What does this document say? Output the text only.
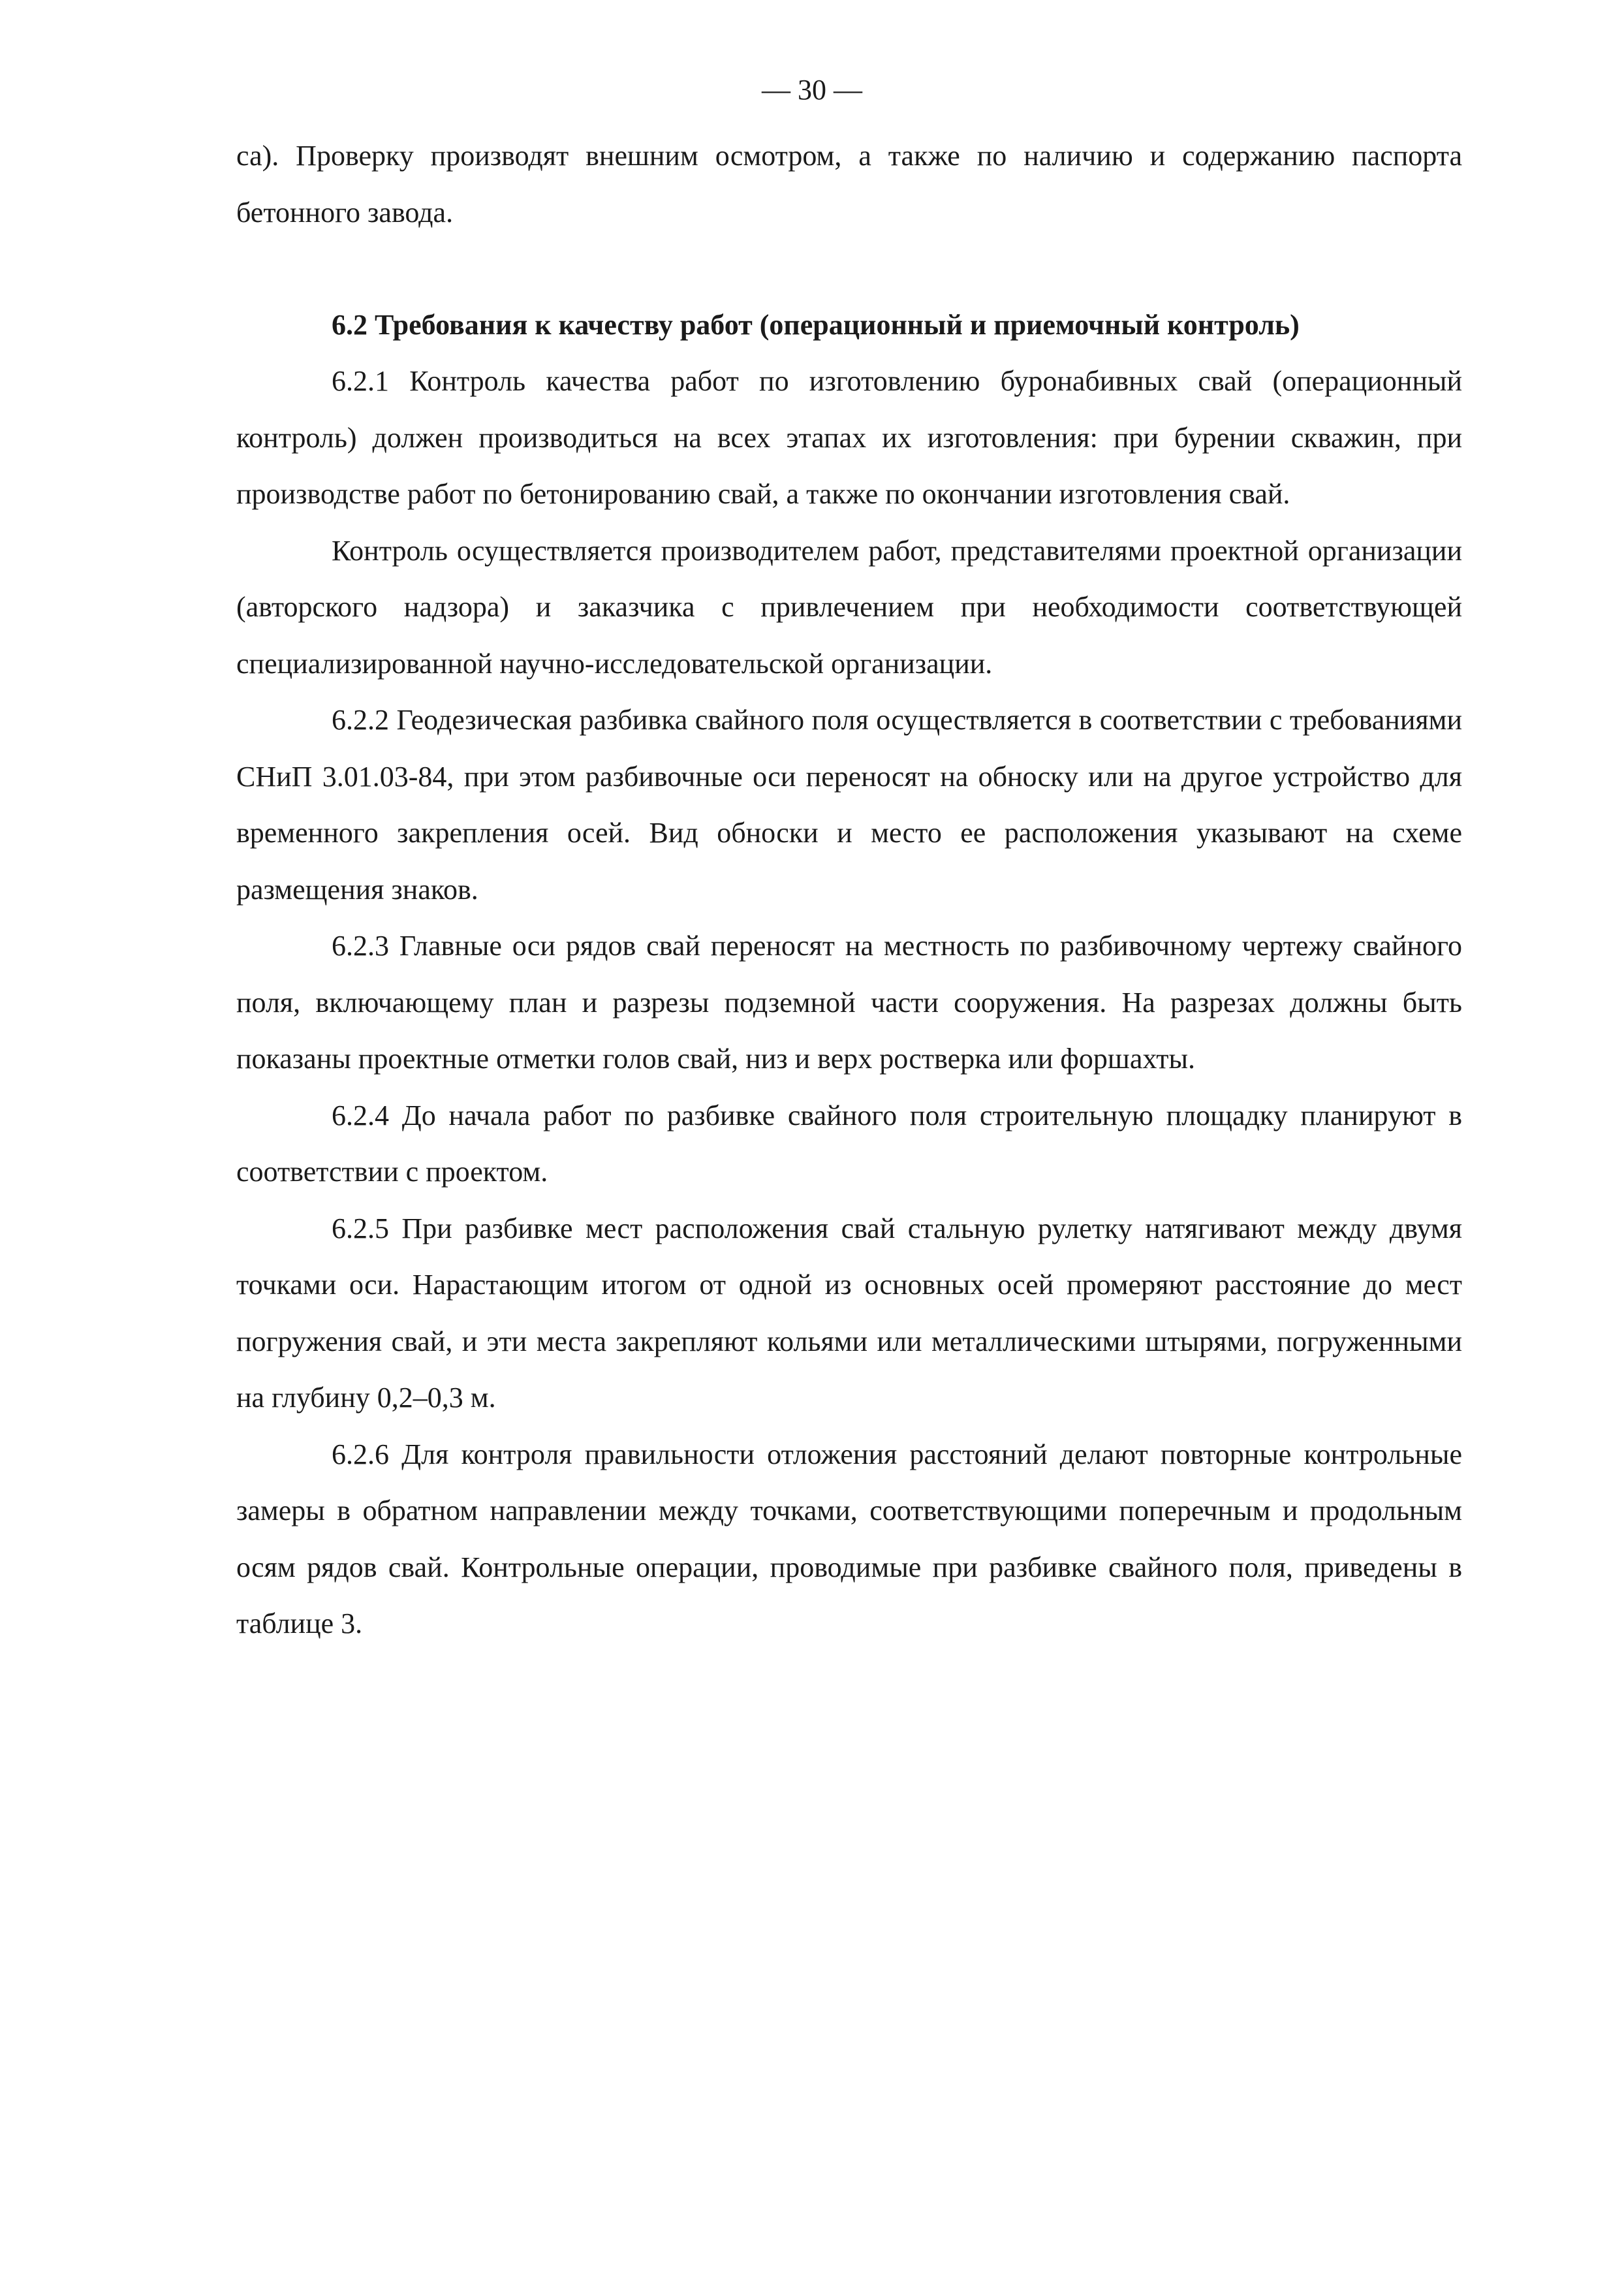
— 30 —

са). Проверку производят внешним осмотром, а также по наличию и содержанию паспорта бетонного завода.

6.2 Требования к качеству работ (операционный и приемочный контроль)

6.2.1 Контроль качества работ по изготовлению буронабивных свай (операционный контроль) должен производиться на всех этапах их изготовления: при бурении скважин, при производстве работ по бетонированию свай, а также по окончании изготовления свай.

Контроль осуществляется производителем работ, представителями проектной организации (авторского надзора) и заказчика с привлечением при необходимости соответствующей специализированной научно-исследовательской организации.

6.2.2 Геодезическая разбивка свайного поля осуществляется в соответствии с требованиями СНиП 3.01.03-84, при этом разбивочные оси переносят на обноску или на другое устройство для временного закрепления осей. Вид обноски и место ее расположения указывают на схеме размещения знаков.

6.2.3 Главные оси рядов свай переносят на местность по разбивочному чертежу свайного поля, включающему план и разрезы подземной части сооружения. На разрезах должны быть показаны проектные отметки голов свай, низ и верх ростверка или форшахты.

6.2.4 До начала работ по разбивке свайного поля строительную площадку планируют в соответствии с проектом.

6.2.5 При разбивке мест расположения свай стальную рулетку натягивают между двумя точками оси. Нарастающим итогом от одной из основных осей промеряют расстояние до мест погружения свай, и эти места закрепляют кольями или металлическими штырями, погруженными на глубину 0,2–0,3 м.

6.2.6 Для контроля правильности отложения расстояний делают повторные контрольные замеры в обратном направлении между точками, соответствующими поперечным и продольным осям рядов свай. Контрольные операции, проводимые при разбивке свайного поля, приведены в таблице 3.
